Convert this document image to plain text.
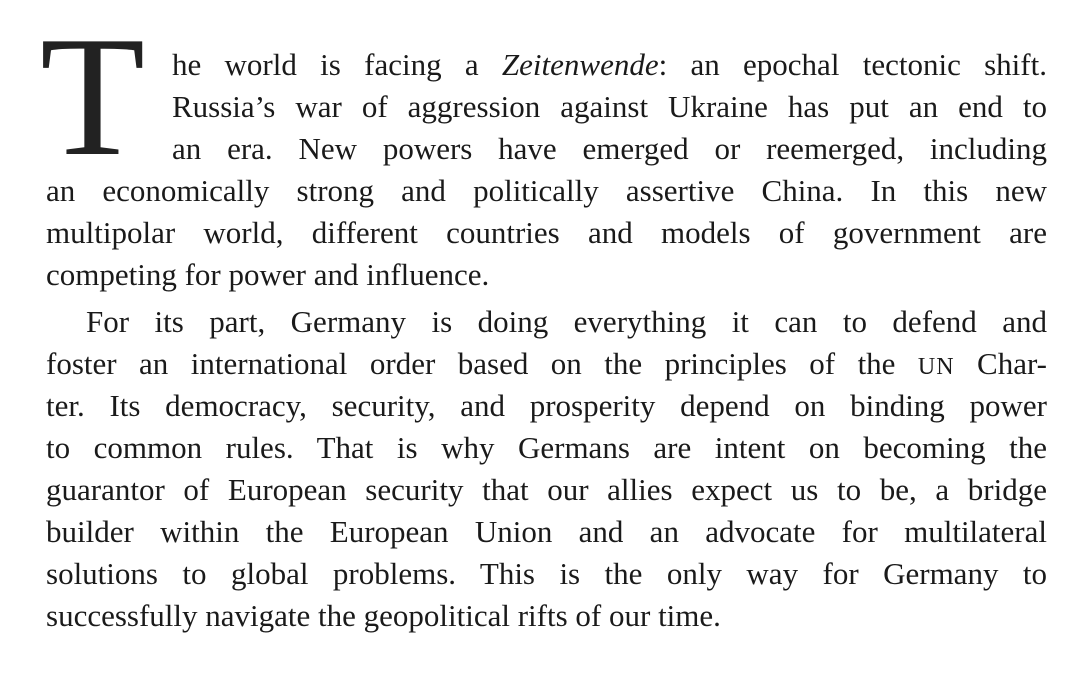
T he world is facing a Zeitenwende: an epochal tectonic shift.

Russia’s war of aggression against Ukraine has put an end to

an era. New powers have emerged or reemerged, including

an economically strong and politically assertive China. In this new

multipolar world, different countries and models of government are

competing for power and influence.

For its part, Germany is doing everything it can to defend and

foster an international order based on the principles of the UN Char-

ter. Its democracy, security, and prosperity depend on binding power

to common rules. That is why Germans are intent on becoming the

guarantor of European security that our allies expect us to be, a bridge

builder within the European Union and an advocate for multilateral

solutions to global problems. This is the only way for Germany to

successfully navigate the geopolitical rifts of our time.
